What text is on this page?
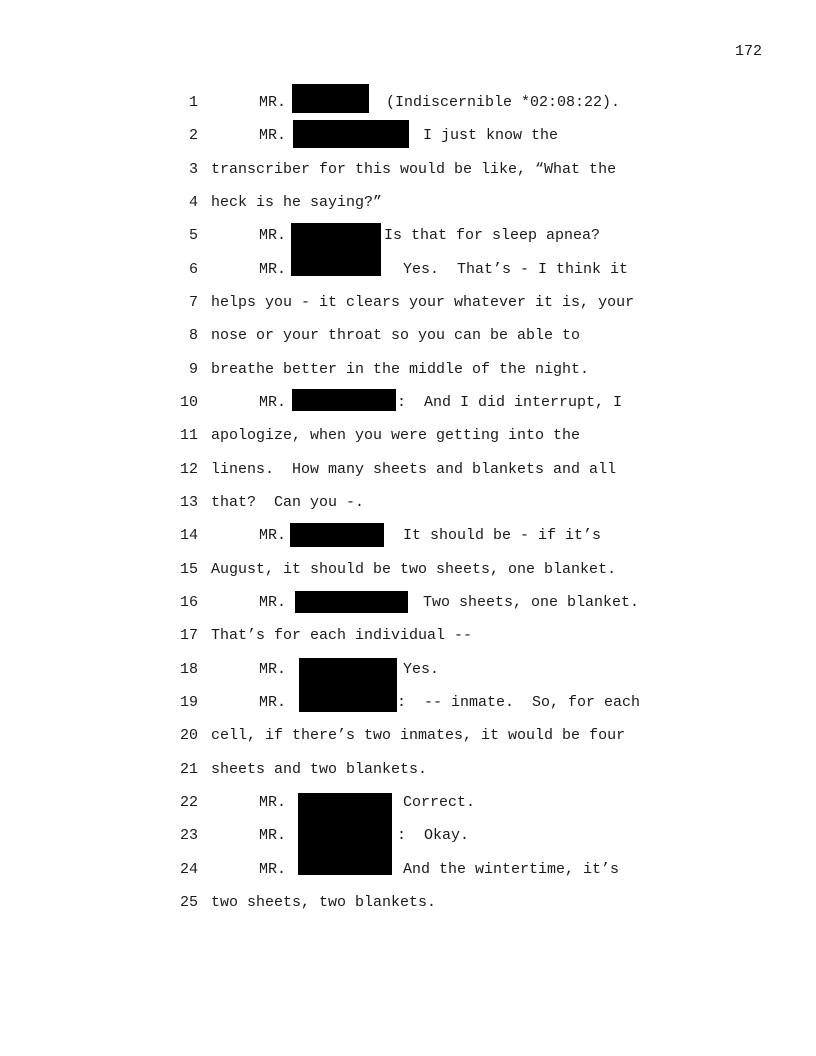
172
1	MR.	(Indiscernible *02:08:22).
2	MR.	I just know the
3 transcriber for this would be like, “What the
4 heck is he saying?”
5	MR.	Is that for sleep apnea?
6	MR.	Yes.  That’s - I think it
7 helps you - it clears your whatever it is, your
8 nose or your throat so you can be able to
9 breathe better in the middle of the night.
10	MR.	:  And I did interrupt, I
11 apologize, when you were getting into the
12 linens.  How many sheets and blankets and all
13 that?  Can you -.
14	MR.	It should be - if it’s
15 August, it should be two sheets, one blanket.
16	MR.	Two sheets, one blanket.
17 That’s for each individual --
18	MR.	Yes.
19	MR.	:  -- inmate.  So, for each
20 cell, if there’s two inmates, it would be four
21 sheets and two blankets.
22	MR.	Correct.
23	MR.	:  Okay.
24	MR.	And the wintertime, it’s
25 two sheets, two blankets.
